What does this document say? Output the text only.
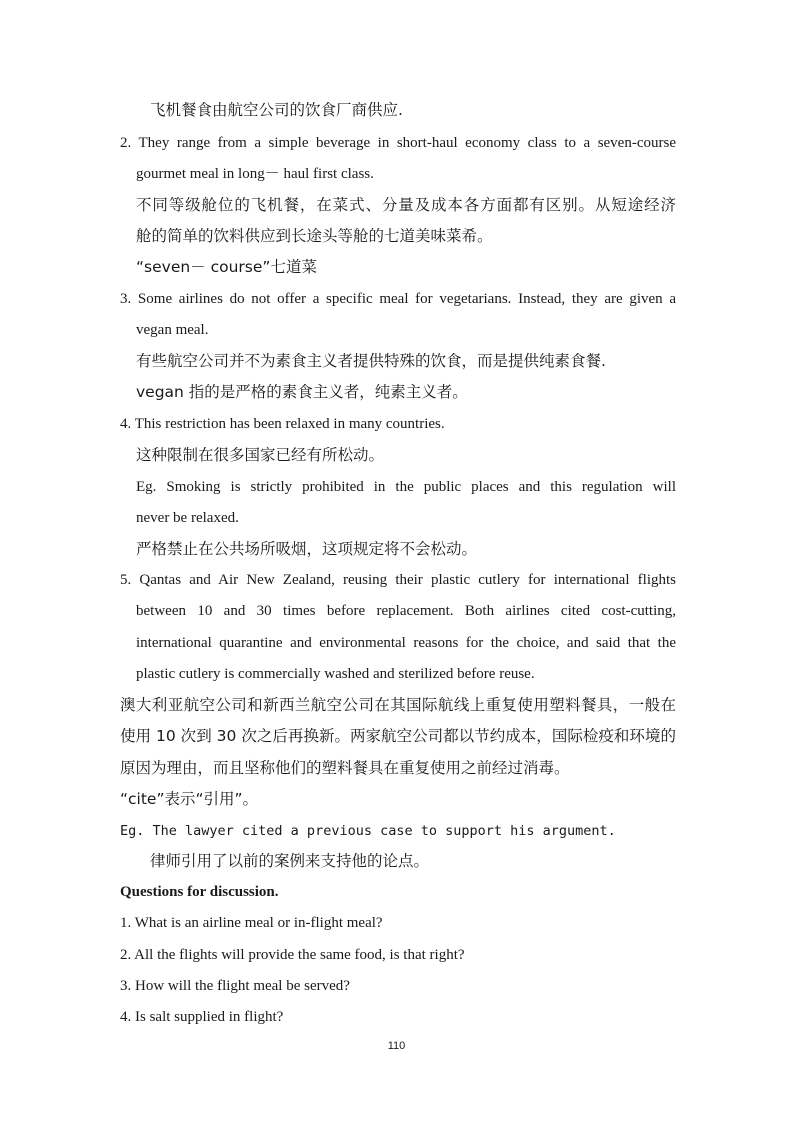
飞机餐食由航空公司的饮食厂商供应.
2. They range from a simple beverage in short-haul economy class to a seven-course
gourmet meal in long－ haul first class.
不同等级舱位的飞机餐，在菜式、分量及成本各方面都有区别。从短途经济
舱的简单的饮料供应到长途头等舱的七道美味菜希。
“seven－ course”七道菜
3. Some airlines do not offer a specific meal for vegetarians. Instead, they are given a
vegan meal.
有些航空公司并不为素食主义者提供特殊的饮食，而是提供纯素食餐.
vegan 指的是严格的素食主义者，纯素主义者。
4. This restriction has been relaxed in many countries.
这种限制在很多国家已经有所松动。
Eg. Smoking is strictly prohibited in the public places and this regulation will
never be relaxed.
严格禁止在公共场所吸烟，这项规定将不会松动。
5. Qantas and Air New Zealand, reusing their plastic cutlery for international flights
between 10 and 30 times before replacement. Both airlines cited cost-cutting,
international quarantine and environmental reasons for the choice, and said that the
plastic cutlery is commercially washed and sterilized before reuse.
澳大利亚航空公司和新西兰航空公司在其国际航线上重复使用塑料餐具，一般在
使用 10 次到 30 次之后再换新。两家航空公司都以节约成本，国际检疫和环境的
原因为理由，而且坚称他们的塑料餐具在重复使用之前经过消毒。
“cite”表示“引用”。
Eg. The lawyer cited a previous case to support his argument.
律师引用了以前的案例来支持他的论点。
Questions for discussion.
1. What is an airline meal or in-flight meal?
2. All the flights will provide the same food, is that right?
3. How will the flight meal be served?
4. Is salt supplied in flight?
110
